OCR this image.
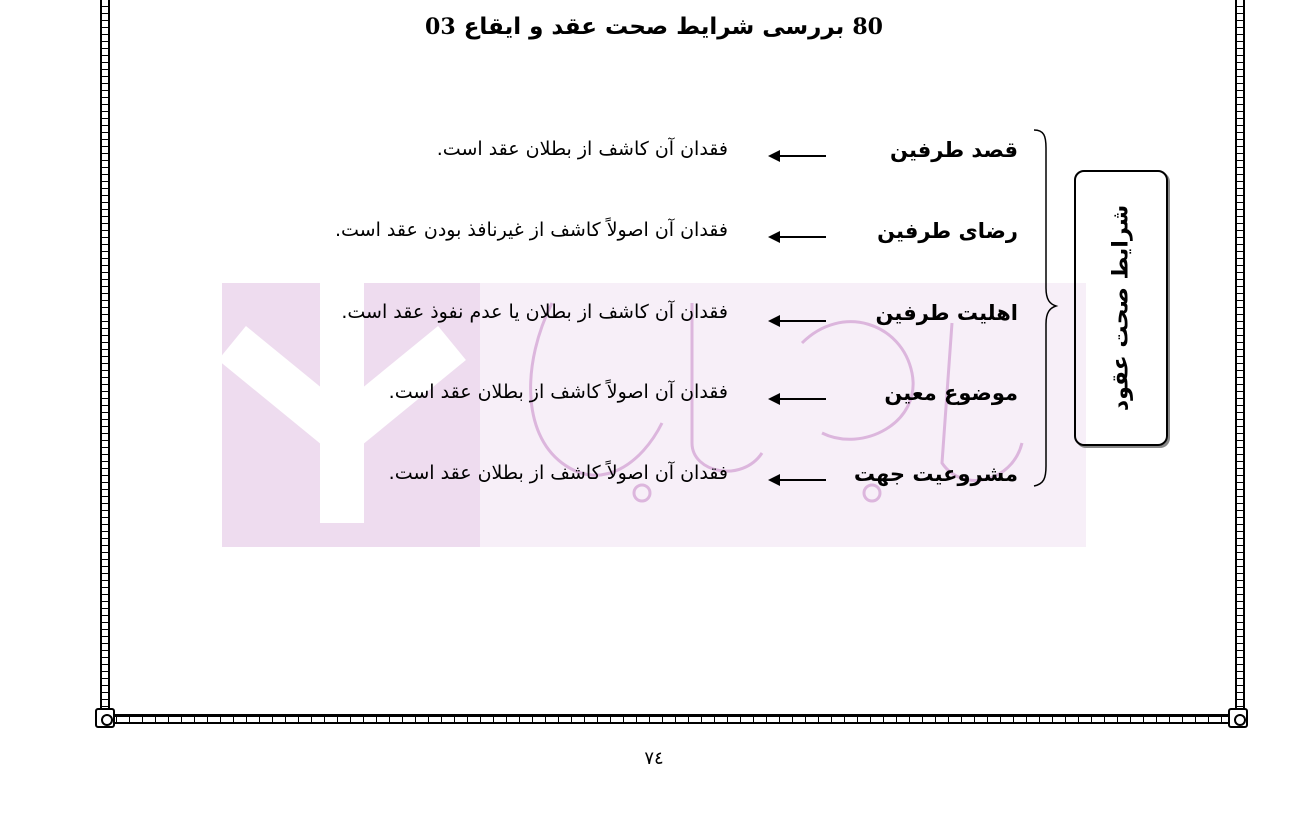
80 بررسی شرایط صحت عقد و ایقاع 03
قصد طرفین
فقدان آن کاشف از بطلان عقد است.
رضای طرفین
فقدان آن اصولاً کاشف از غیرنافذ بودن عقد است.
اهلیت طرفین
فقدان آن کاشف از بطلان یا عدم نفوذ عقد است.
موضوع معین
فقدان آن اصولاً کاشف از بطلان عقد است.
مشروعیت جهت
فقدان آن اصولاً کاشف از بطلان عقد است.
شرایط صحت عقود
٧٤
